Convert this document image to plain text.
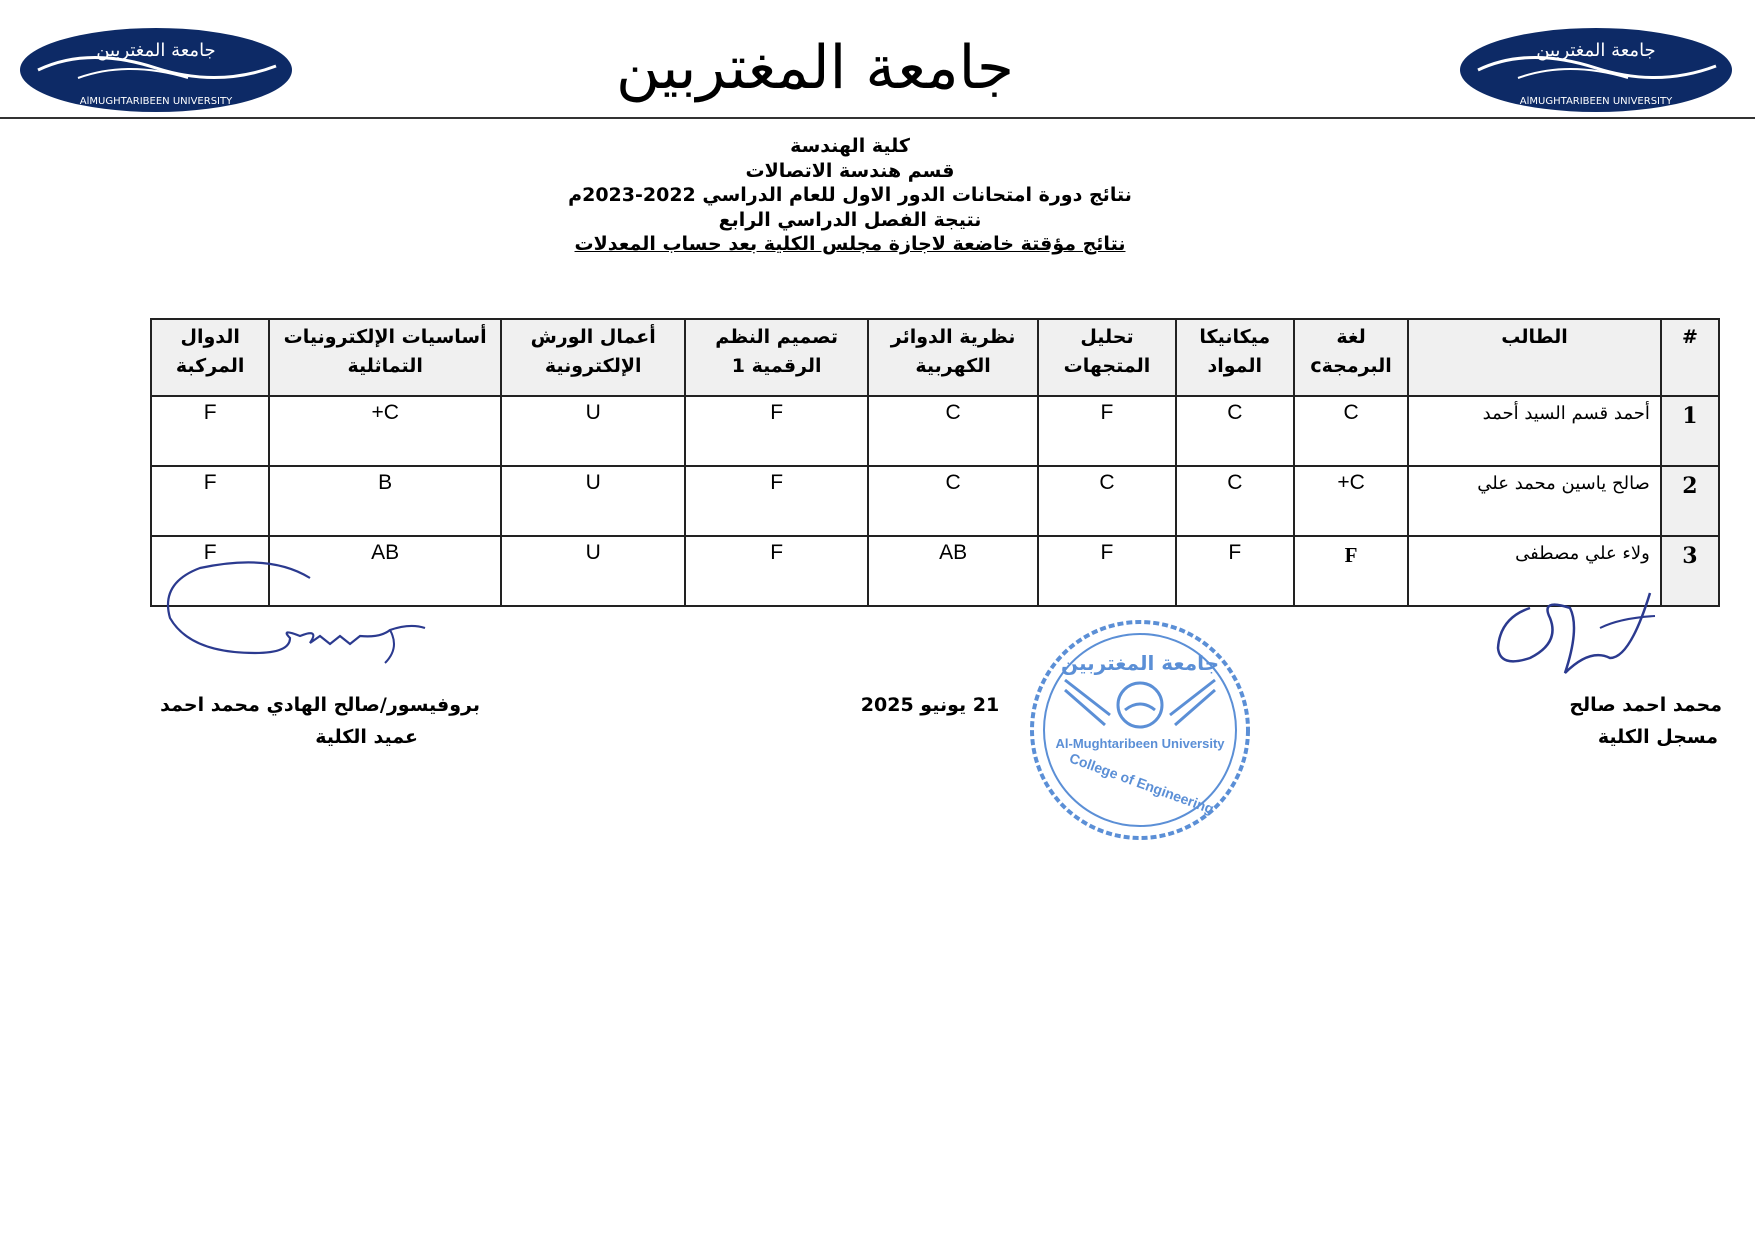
جامعة المغتربين
AlMUGHTARIBEEN UNIVERSITY
جامعة المغتربين
AlMUGHTARIBEEN UNIVERSITY
جامعة المغتربين
كلية الهندسة
قسم هندسة الاتصالات
نتائج دورة امتحانات الدور الاول للعام الدراسي 2022-2023م
نتيجة الفصل الدراسي الرابع
نتائج مؤقتة خاضعة لاجازة مجلس الكلية بعد حساب المعدلات
#	الطالب	لغة البرمجةc	ميكانيكا المواد	تحليل المتجهات	نظرية الدوائر الكهربية	تصميم النظم الرقمية 1	أعمال الورش الإلكترونية	أساسيات الإلكترونيات التماثلية	الدوال المركبة
1	أحمد قسم السيد أحمد	C	C	F	C	F	U	C+	F
2	صالح ياسين محمد علي	C+	C	C	C	F	U	B	F
3	ولاء علي مصطفى	F	F	F	AB	F	U	AB	F
محمد احمد صالح
مسجل الكلية
21 يونيو 2025
بروفيسور/صالح الهادي محمد احمد
عميد الكلية
جامعة المغتربين
Al-Mughtaribeen University
College of Engineering
